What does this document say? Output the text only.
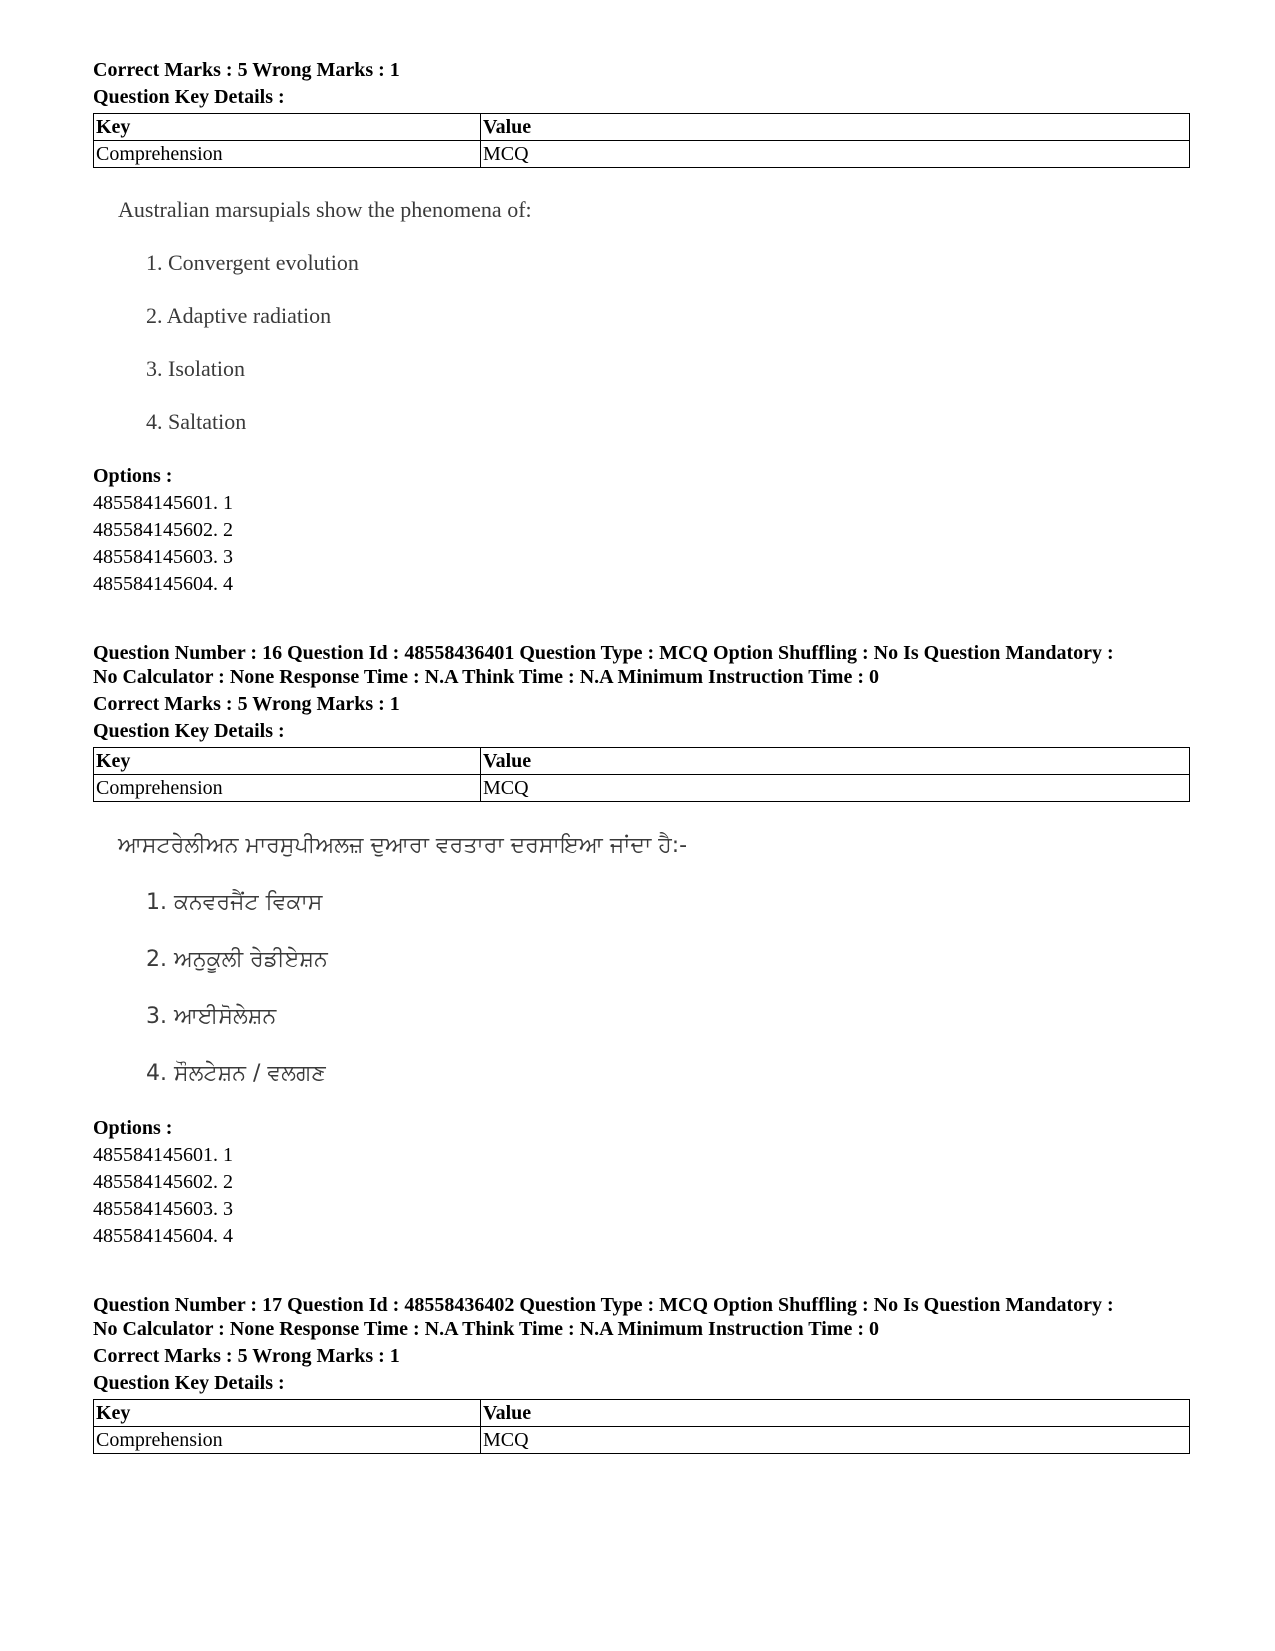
Correct Marks : 5 Wrong Marks : 1

Question Key Details :

Key	Value
Comprehension	MCQ
Australian marsupials show the phenomena of:
1. Convergent evolution
2. Adaptive radiation
3. Isolation
4. Saltation

Options :

485584145601. 1

485584145602. 2

485584145603. 3

485584145604. 4

Question Number : 16 Question Id : 48558436401 Question Type : MCQ Option Shuffling : No Is Question Mandatory :

No Calculator : None Response Time : N.A Think Time : N.A Minimum Instruction Time : 0

Correct Marks : 5 Wrong Marks : 1

Question Key Details :

Key	Value
Comprehension	MCQ
ਆਸਟਰੇਲੀਅਨ ਮਾਰਸੁਪੀਅਲਜ਼ ਦੁਆਰਾ ਵਰਤਾਰਾ ਦਰਸਾਇਆ ਜਾਂਦਾ ਹੈ:-
1. ਕਨਵਰਜੈਂਟ ਵਿਕਾਸ
2. ਅਨੁਕੂਲੀ ਰੇਡੀਏਸ਼ਨ
3. ਆਈਸੋਲੇਸ਼ਨ
4. ਸੌਲਟੇਸ਼ਨ / ਵਲਗਣ

Options :

485584145601. 1

485584145602. 2

485584145603. 3

485584145604. 4

Question Number : 17 Question Id : 48558436402 Question Type : MCQ Option Shuffling : No Is Question Mandatory :

No Calculator : None Response Time : N.A Think Time : N.A Minimum Instruction Time : 0

Correct Marks : 5 Wrong Marks : 1

Question Key Details :

Key	Value
Comprehension	MCQ
